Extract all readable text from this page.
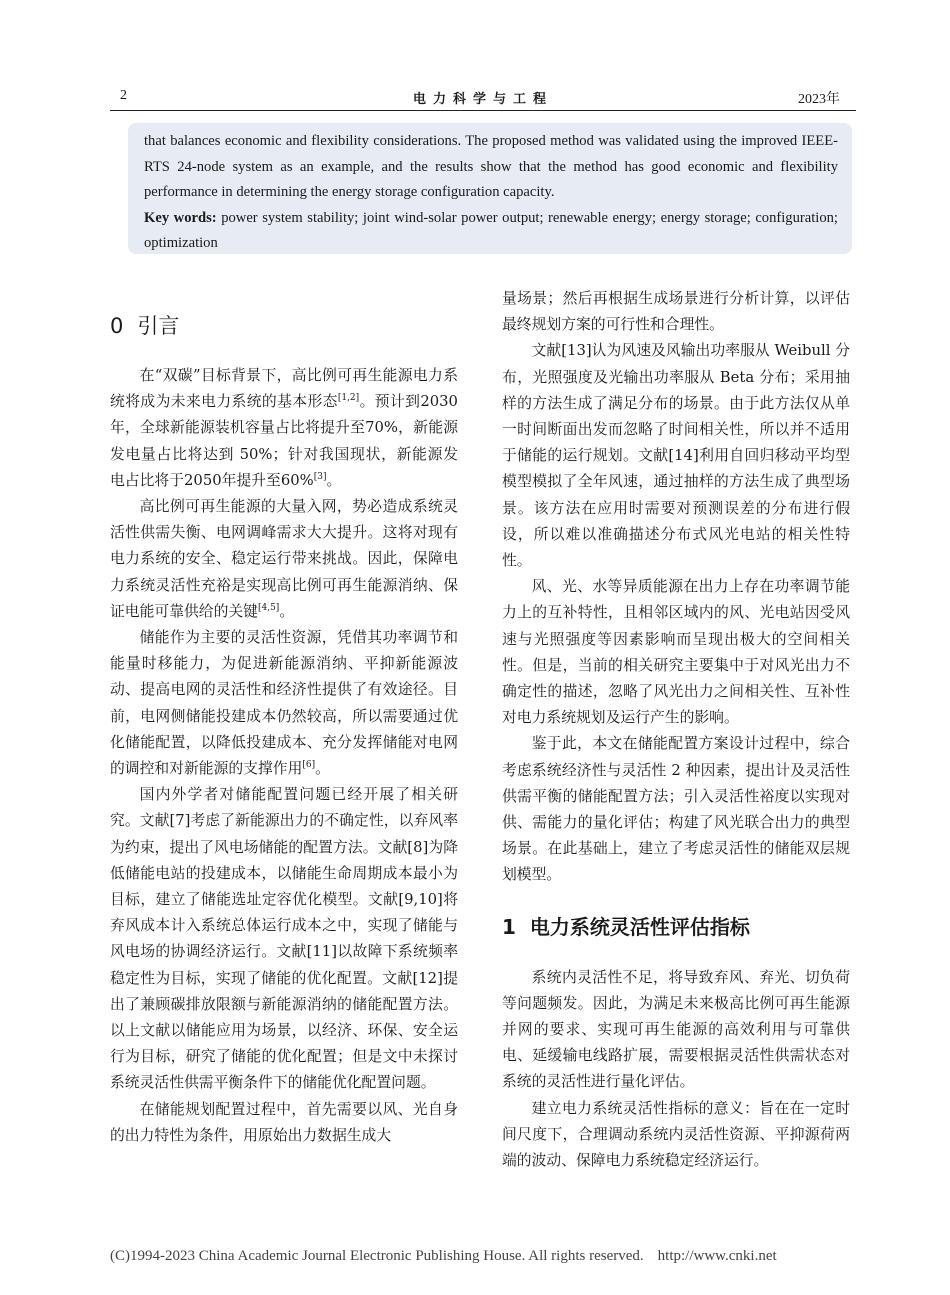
2	电力科学与工程	2023年

that balances economic and flexibility considerations. The proposed method was validated using the improved IEEE-RTS 24-node system as an example, and the results show that the method has good economic and flexibility performance in determining the energy storage configuration capacity.

Key words: power system stability; joint wind-solar power output; renewable energy; energy storage; configuration; optimization

0 引言

在“双碳”目标背景下，高比例可再生能源电力系统将成为未来电力系统的基本形态[1,2]。预计到2030年，全球新能源装机容量占比将提升至70%，新能源发电量占比将达到 50%；针对我国现状，新能源发电占比将于2050年提升至60%[3]。

高比例可再生能源的大量入网，势必造成系统灵活性供需失衡、电网调峰需求大大提升。这将对现有电力系统的安全、稳定运行带来挑战。因此，保障电力系统灵活性充裕是实现高比例可再生能源消纳、保证电能可靠供给的关键[4,5]。

储能作为主要的灵活性资源，凭借其功率调节和能量时移能力，为促进新能源消纳、平抑新能源波动、提高电网的灵活性和经济性提供了有效途径。目前，电网侧储能投建成本仍然较高，所以需要通过优化储能配置，以降低投建成本、充分发挥储能对电网的调控和对新能源的支撑作用[6]。

国内外学者对储能配置问题已经开展了相关研究。文献[7]考虑了新能源出力的不确定性，以弃风率为约束，提出了风电场储能的配置方法。文献[8]为降低储能电站的投建成本，以储能生命周期成本最小为目标，建立了储能选址定容优化模型。文献[9,10]将弃风成本计入系统总体运行成本之中，实现了储能与风电场的协调经济运行。文献[11]以故障下系统频率稳定性为目标，实现了储能的优化配置。文献[12]提出了兼顾碳排放限额与新能源消纳的储能配置方法。以上文献以储能应用为场景，以经济、环保、安全运行为目标，研究了储能的优化配置；但是文中未探讨系统灵活性供需平衡条件下的储能优化配置问题。

在储能规划配置过程中，首先需要以风、光自身的出力特性为条件，用原始出力数据生成大

量场景；然后再根据生成场景进行分析计算，以评估最终规划方案的可行性和合理性。

文献[13]认为风速及风输出功率服从 Weibull 分布，光照强度及光输出功率服从 Beta 分布；采用抽样的方法生成了满足分布的场景。由于此方法仅从单一时间断面出发而忽略了时间相关性，所以并不适用于储能的运行规划。文献[14]利用自回归移动平均型模型模拟了全年风速，通过抽样的方法生成了典型场景。该方法在应用时需要对预测误差的分布进行假设，所以难以准确描述分布式风光电站的相关性特性。

风、光、水等异质能源在出力上存在功率调节能力上的互补特性，且相邻区域内的风、光电站因受风速与光照强度等因素影响而呈现出极大的空间相关性。但是，当前的相关研究主要集中于对风光出力不确定性的描述，忽略了风光出力之间相关性、互补性对电力系统规划及运行产生的影响。

鉴于此，本文在储能配置方案设计过程中，综合考虑系统经济性与灵活性 2 种因素，提出计及灵活性供需平衡的储能配置方法；引入灵活性裕度以实现对供、需能力的量化评估；构建了风光联合出力的典型场景。在此基础上，建立了考虑灵活性的储能双层规划模型。

1 电力系统灵活性评估指标

系统内灵活性不足，将导致弃风、弃光、切负荷等问题频发。因此，为满足未来极高比例可再生能源并网的要求、实现可再生能源的高效利用与可靠供电、延缓输电线路扩展，需要根据灵活性供需状态对系统的灵活性进行量化评估。

建立电力系统灵活性指标的意义：旨在在一定时间尺度下，合理调动系统内灵活性资源、平抑源荷两端的波动、保障电力系统稳定经济运行。

(C)1994-2023 China Academic Journal Electronic Publishing House. All rights reserved. http://www.cnki.net
